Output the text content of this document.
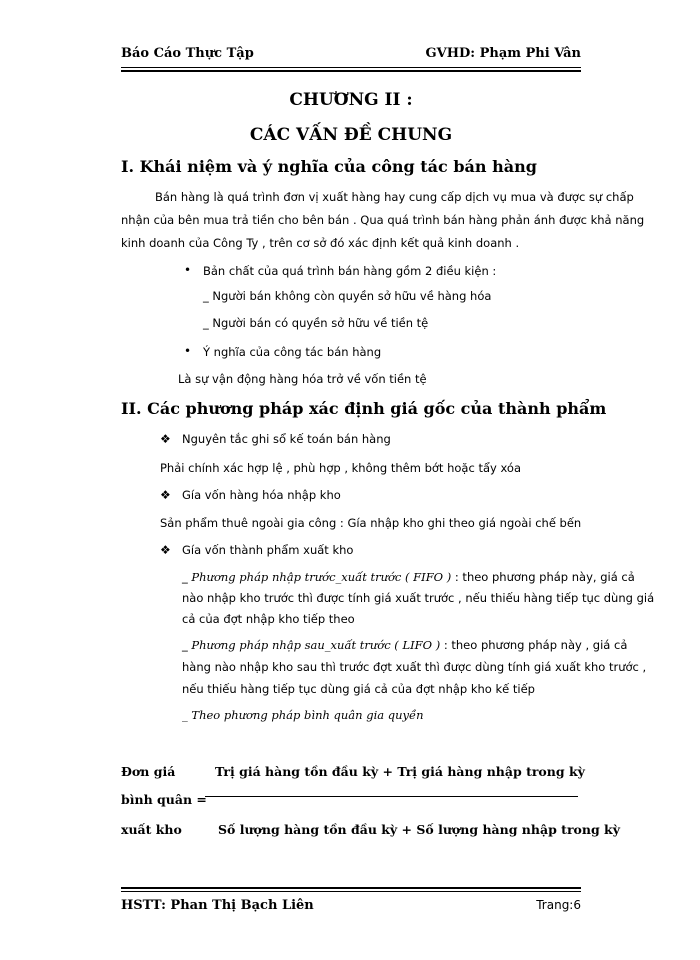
Báo Cáo Thực Tập	GVHD: Phạm Phi Vân
CHƯƠNG II :
CÁC VẤN ĐỀ CHUNG
I. Khái niệm và ý nghĩa của công tác bán hàng
Bán hàng là quá trình đơn vị xuất hàng hay cung cấp dịch vụ mua và được sự chấp
nhận của bên mua trả tiền cho bên bán . Qua quá trình bán hàng phản ánh được khả năng
kinh doanh của Công Ty , trên cơ sở đó xác định kết quả kinh doanh .
• Bản chất của quá trình bán hàng gồm 2 điều kiện :
_ Người bán không còn quyền sở hữu về hàng hóa
_ Người bán có quyền sở hữu về tiền tệ
• Ý nghĩa của công tác bán hàng
Là sự vận động hàng hóa trở về vốn tiền tệ
II. Các phương pháp xác định giá gốc của thành phẩm
❖ Nguyên tắc ghi sổ kế toán bán hàng
Phải chính xác hợp lệ , phù hợp , không thêm bớt hoặc tẩy xóa
❖ Gía vốn hàng hóa nhập kho
Sản phẩm thuê ngoài gia công : Gía nhập kho ghi theo giá ngoài chế bến
❖ Gía vốn thành phẩm xuất kho
_ Phương pháp nhập trước_xuất trước ( FIFO ) : theo phương pháp này, giá cả
nào nhập kho trước thì được tính giá xuất trước , nếu thiếu hàng tiếp tục dùng giá
cả của đợt nhập kho tiếp theo
_ Phương pháp nhập sau_xuất trước ( LIFO ) : theo phương pháp này , giá cả
hàng nào nhập kho sau thì trước đợt xuất thì được dùng tính giá xuất kho trước ,
nếu thiếu hàng tiếp tục dùng giá cả của đợt nhập kho kế tiếp
_ Theo phương pháp bình quân gia quyền
Đơn giá
bình quân =
xuất kho
Trị giá hàng tồn đầu kỳ + Trị giá hàng nhập trong kỳ
Số lượng hàng tồn đầu kỳ + Số lượng hàng nhập trong kỳ
HSTT: Phan Thị Bạch Liên	Trang:6
